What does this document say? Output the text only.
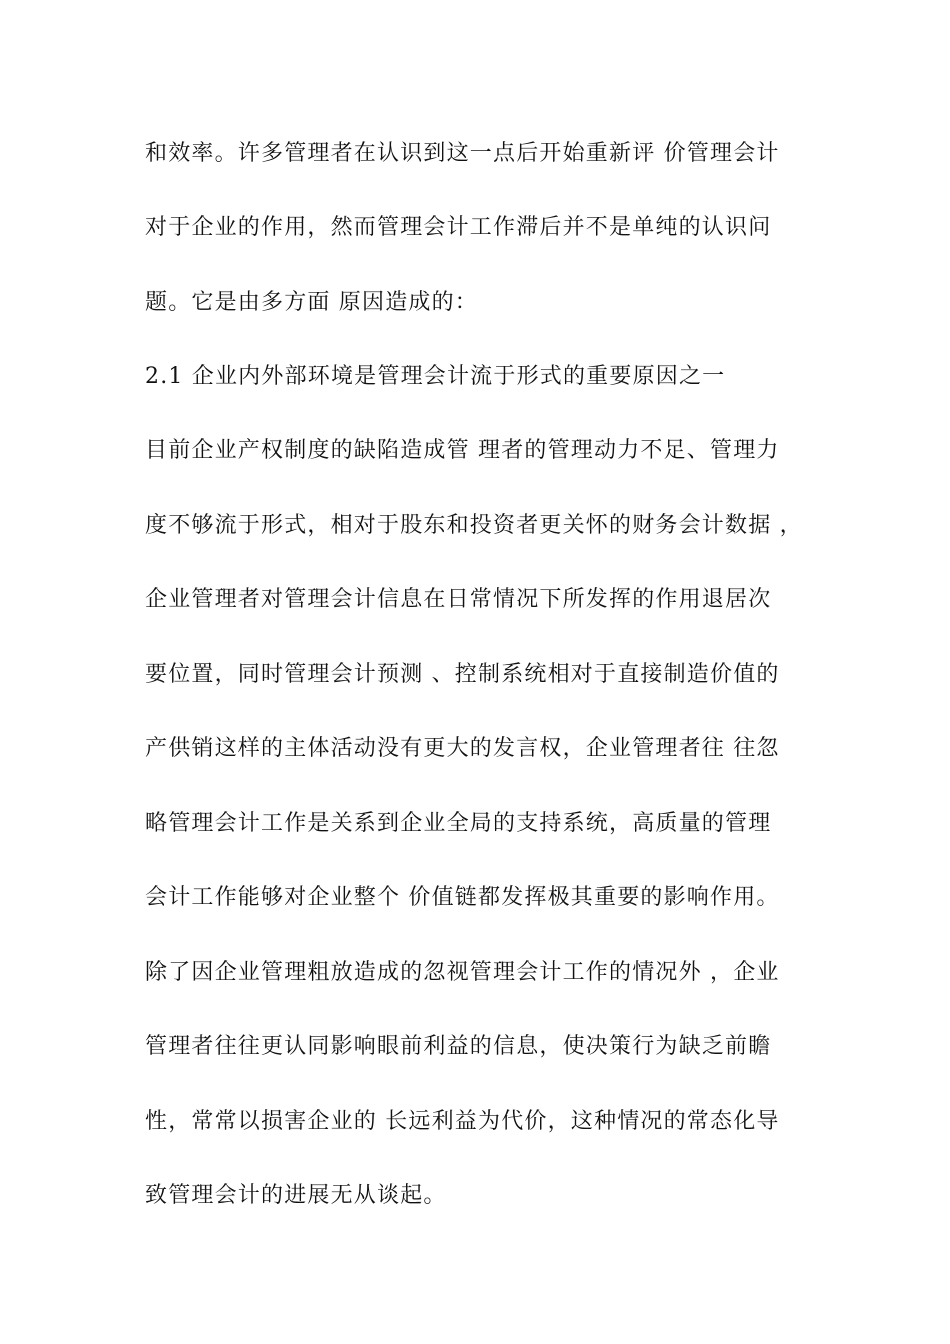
和效率。许多管理者在认识到这一点后开始重新评 价管理会计
对于企业的作用，然而管理会计工作滞后并不是单纯的认识问
题。它是由多方面 原因造成的：
2.1 企业内外部环境是管理会计流于形式的重要原因之一
目前企业产权制度的缺陷造成管 理者的管理动力不足、管理力
度不够流于形式，相对于股东和投资者更关怀的财务会计数据 ，
企业管理者对管理会计信息在日常情况下所发挥的作用退居次
要位置，同时管理会计预测 、控制系统相对于直接制造价值的
产供销这样的主体活动没有更大的发言权，企业管理者往 往忽
略管理会计工作是关系到企业全局的支持系统，高质量的管理
会计工作能够对企业整个 价值链都发挥极其重要的影响作用。
除了因企业管理粗放造成的忽视管理会计工作的情况外 ，企业
管理者往往更认同影响眼前利益的信息，使决策行为缺乏前瞻
性，常常以损害企业的 长远利益为代价，这种情况的常态化导
致管理会计的进展无从谈起。
